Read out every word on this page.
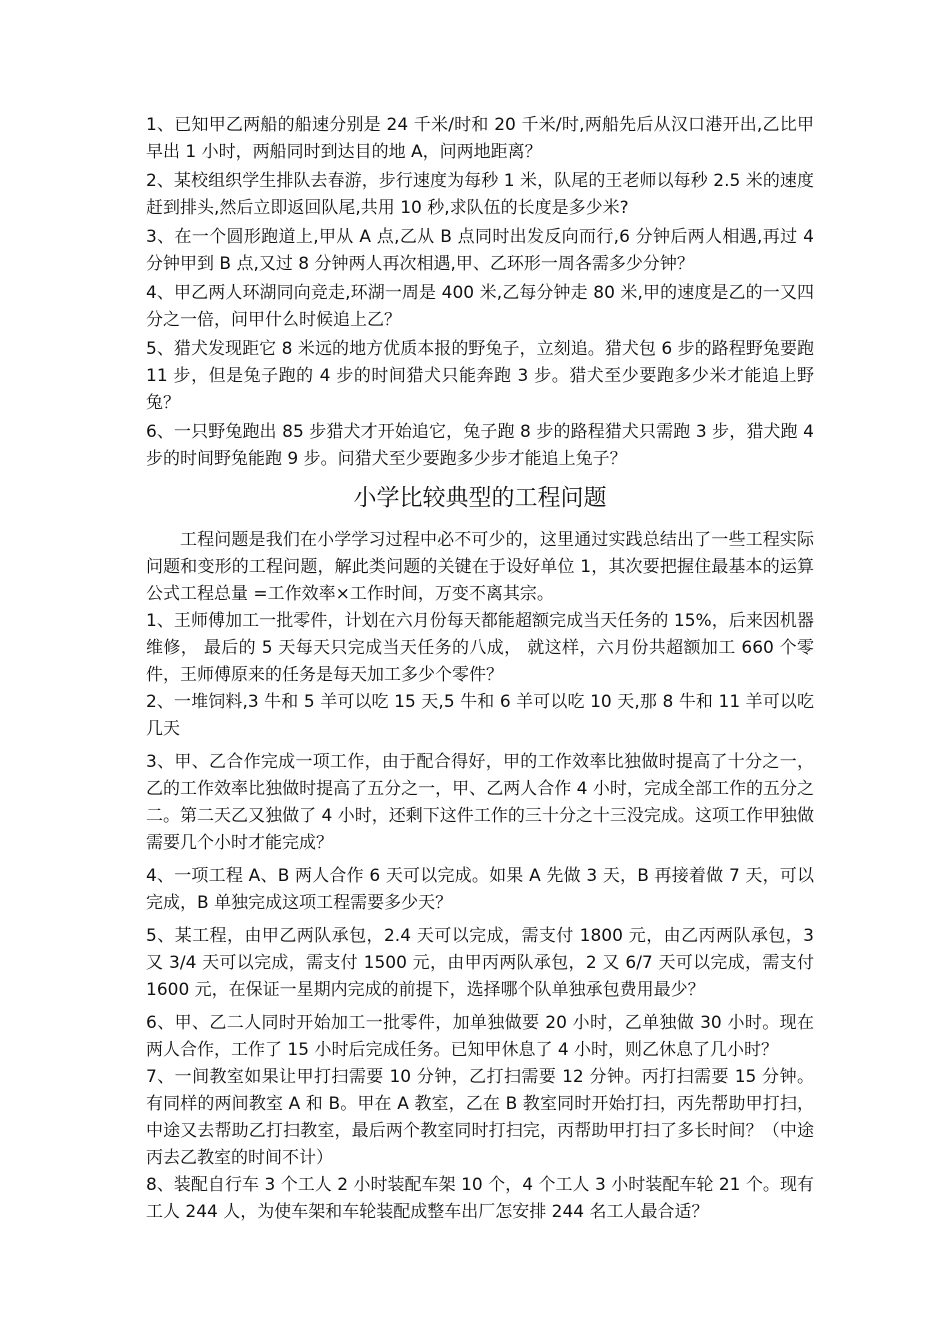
1、已知甲乙两船的船速分别是 24 千米/时和 20 千米/时,两船先后从汉口港开出,乙比甲早出 1 小时，两船同时到达目的地 A，问两地距离？

2、某校组织学生排队去春游，步行速度为每秒 1 米，队尾的王老师以每秒 2.5 米的速度赶到排头,然后立即返回队尾,共用 10 秒,求队伍的长度是多少米?

3、在一个圆形跑道上,甲从 A 点,乙从 B 点同时出发反向而行,6 分钟后两人相遇,再过 4 分钟甲到 B 点,又过 8 分钟两人再次相遇,甲、乙环形一周各需多少分钟？

4、甲乙两人环湖同向竞走,环湖一周是 400 米,乙每分钟走 80 米,甲的速度是乙的一又四分之一倍，问甲什么时候追上乙？

5、猎犬发现距它 8 米远的地方优质本报的野兔子，立刻追。猎犬包 6 步的路程野兔要跑 11 步，但是兔子跑的 4 步的时间猎犬只能奔跑 3 步。猎犬至少要跑多少米才能追上野兔？

6、一只野兔跑出 85 步猎犬才开始追它，兔子跑 8 步的路程猎犬只需跑 3 步，猎犬跑 4 步的时间野兔能跑 9 步。问猎犬至少要跑多少步才能追上兔子？

小学比较典型的工程问题

工程问题是我们在小学学习过程中必不可少的，这里通过实践总结出了一些工程实际问题和变形的工程问题，解此类问题的关键在于设好单位 1，其次要把握住最基本的运算公式工程总量 =工作效率×工作时间，万变不离其宗。

1、王师傅加工一批零件，计划在六月份每天都能超额完成当天任务的 15%，后来因机器维修， 最后的 5 天每天只完成当天任务的八成， 就这样，六月份共超额加工 660 个零件，王师傅原来的任务是每天加工多少个零件？

2、一堆饲料,3 牛和 5 羊可以吃 15 天,5 牛和 6 羊可以吃 10 天,那 8 牛和 11 羊可以吃几天

3、甲、乙合作完成一项工作，由于配合得好，甲的工作效率比独做时提高了十分之一，乙的工作效率比独做时提高了五分之一，甲、乙两人合作 4 小时，完成全部工作的五分之二。第二天乙又独做了 4 小时，还剩下这件工作的三十分之十三没完成。这项工作甲独做需要几个小时才能完成？

4、一项工程 A、B 两人合作 6 天可以完成。如果 A 先做 3 天，B 再接着做 7 天，可以完成，B 单独完成这项工程需要多少天？

5、某工程，由甲乙两队承包，2.4 天可以完成，需支付 1800 元，由乙丙两队承包，3 又 3/4 天可以完成，需支付 1500 元，由甲丙两队承包，2 又 6/7 天可以完成，需支付 1600 元，在保证一星期内完成的前提下，选择哪个队单独承包费用最少？

6、甲、乙二人同时开始加工一批零件，加单独做要 20 小时，乙单独做 30 小时。现在两人合作，工作了 15 小时后完成任务。已知甲休息了 4 小时，则乙休息了几小时？

7、一间教室如果让甲打扫需要 10 分钟，乙打扫需要 12 分钟。丙打扫需要 15 分钟。有同样的两间教室 A 和 B。甲在 A 教室，乙在 B 教室同时开始打扫，丙先帮助甲打扫，中途又去帮助乙打扫教室，最后两个教室同时打扫完，丙帮助甲打扫了多长时间？（中途丙去乙教室的时间不计）

8、装配自行车 3 个工人 2 小时装配车架 10 个，4 个工人 3 小时装配车轮 21 个。现有工人 244 人，为使车架和车轮装配成整车出厂怎安排 244 名工人最合适？
